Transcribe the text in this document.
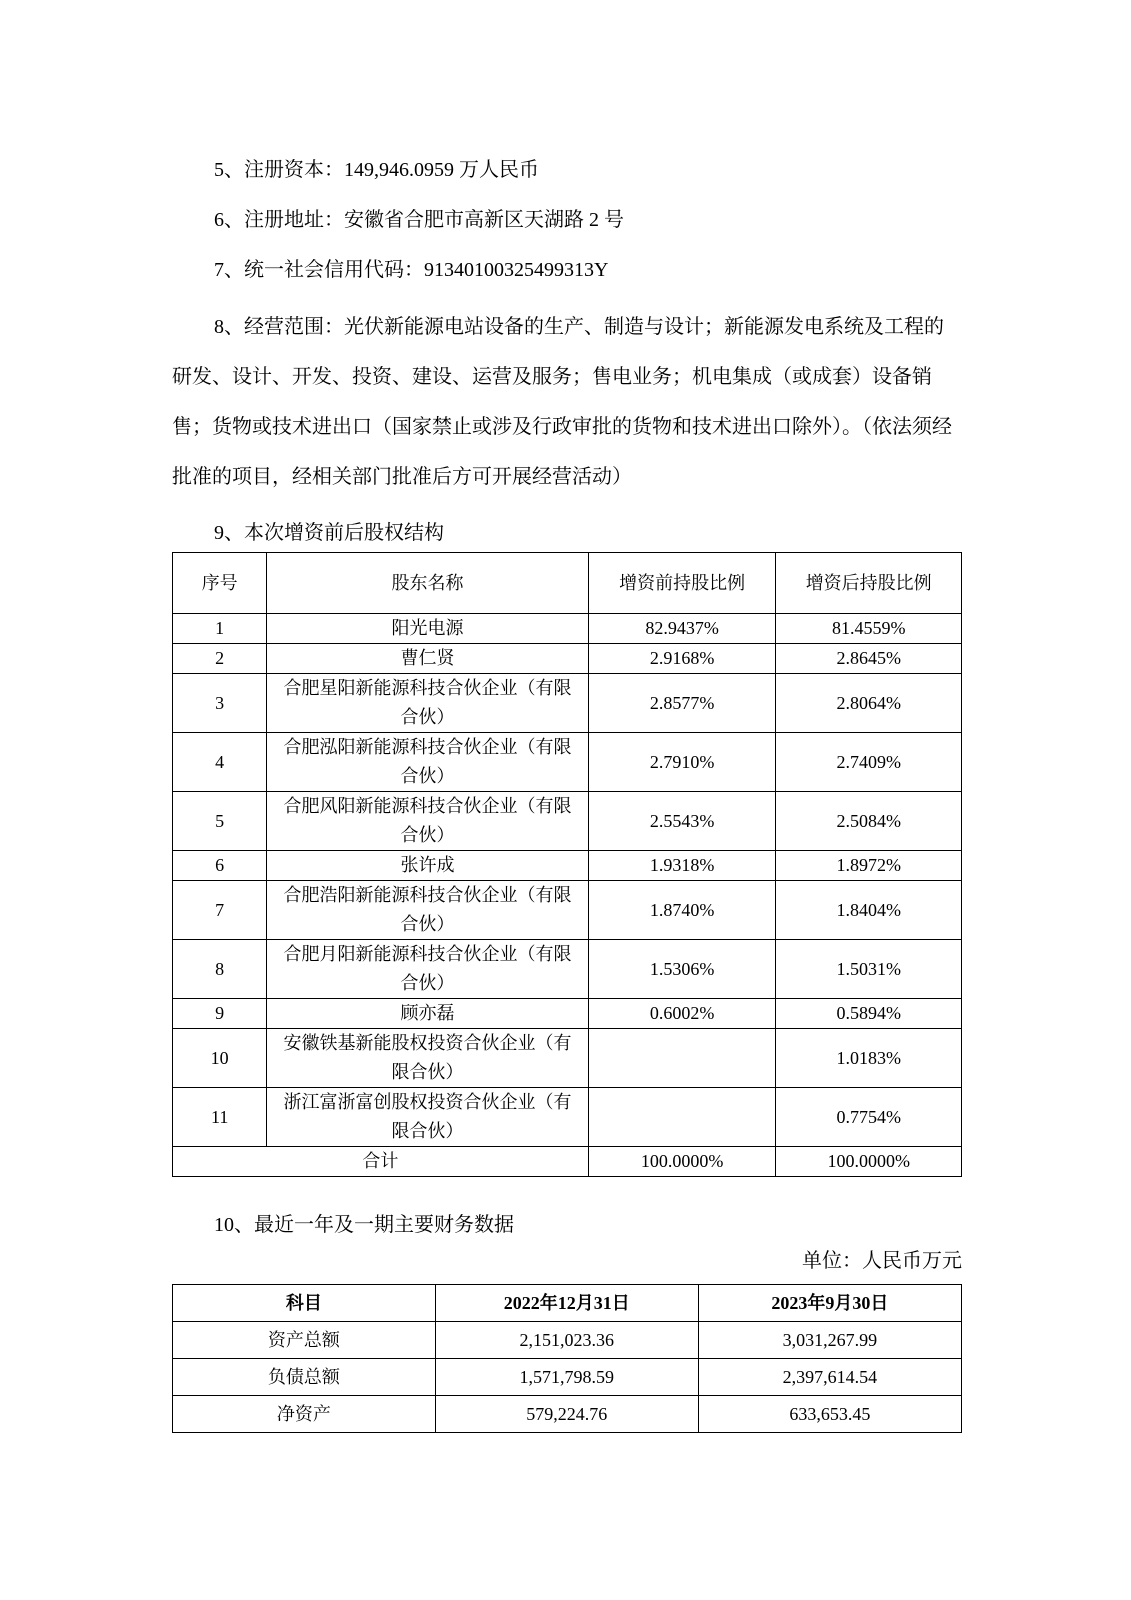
5、注册资本：149,946.0959 万人民币

6、注册地址：安徽省合肥市高新区天湖路 2 号

7、统一社会信用代码：91340100325499313Y

8、经营范围：光伏新能源电站设备的生产、制造与设计；新能源发电系统及工程的研发、设计、开发、投资、建设、运营及服务；售电业务；机电集成（或成套）设备销售；货物或技术进出口（国家禁止或涉及行政审批的货物和技术进出口除外）。（依法须经批准的项目，经相关部门批准后方可开展经营活动）

9、本次增资前后股权结构

序号	股东名称	增资前持股比例	增资后持股比例
1	阳光电源	82.9437%	81.4559%
2	曹仁贤	2.9168%	2.8645%
3	合肥星阳新能源科技合伙企业（有限合伙）	2.8577%	2.8064%
4	合肥泓阳新能源科技合伙企业（有限合伙）	2.7910%	2.7409%
5	合肥风阳新能源科技合伙企业（有限合伙）	2.5543%	2.5084%
6	张许成	1.9318%	1.8972%
7	合肥浩阳新能源科技合伙企业（有限合伙）	1.8740%	1.8404%
8	合肥月阳新能源科技合伙企业（有限合伙）	1.5306%	1.5031%
9	顾亦磊	0.6002%	0.5894%
10	安徽铁基新能股权投资合伙企业（有限合伙）		1.0183%
11	浙江富浙富创股权投资合伙企业（有限合伙）		0.7754%
合计		100.0000%	100.0000%

10、最近一年及一期主要财务数据

单位：人民币万元
科目	2022年12月31日	2023年9月30日
资产总额	2,151,023.36	3,031,267.99
负债总额	1,571,798.59	2,397,614.54
净资产	579,224.76	633,653.45
